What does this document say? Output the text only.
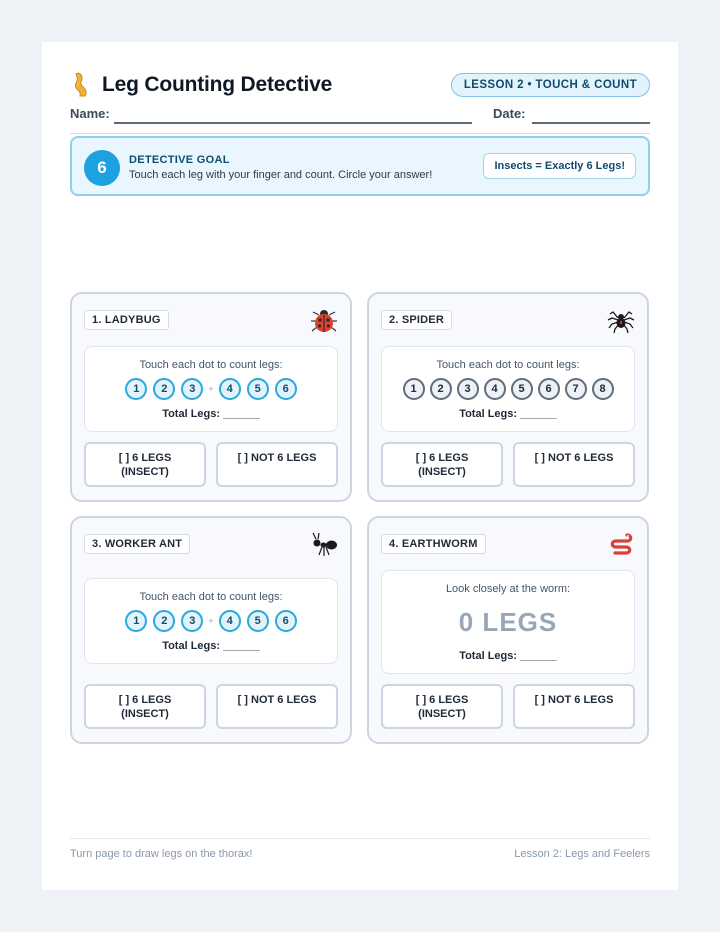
Leg Counting Detective	LESSON 2 • TOUCH & COUNT
Name:	Date:
6	DETECTIVE GOAL
Touch each leg with your finger and count. Circle your answer!
Insects = Exactly 6 Legs!
1. LADYBUG
Touch each dot to count legs:
1	2	3	+	4	5	6
Total Legs: ______
[ ] 6 LEGS
(INSECT)
[ ] NOT 6 LEGS
2. SPIDER
Touch each dot to count legs:
1	2	3	4	5	6	7	8
Total Legs: ______
[ ] 6 LEGS
(INSECT)
[ ] NOT 6 LEGS
3. WORKER ANT
Touch each dot to count legs:
1	2	3	+	4	5	6
Total Legs: ______
[ ] 6 LEGS
(INSECT)
[ ] NOT 6 LEGS
4. EARTHWORM
Look closely at the worm:
0 LEGS
Total Legs: ______
[ ] 6 LEGS
(INSECT)
[ ] NOT 6 LEGS
Turn page to draw legs on the thorax!	Lesson 2: Legs and Feelers
